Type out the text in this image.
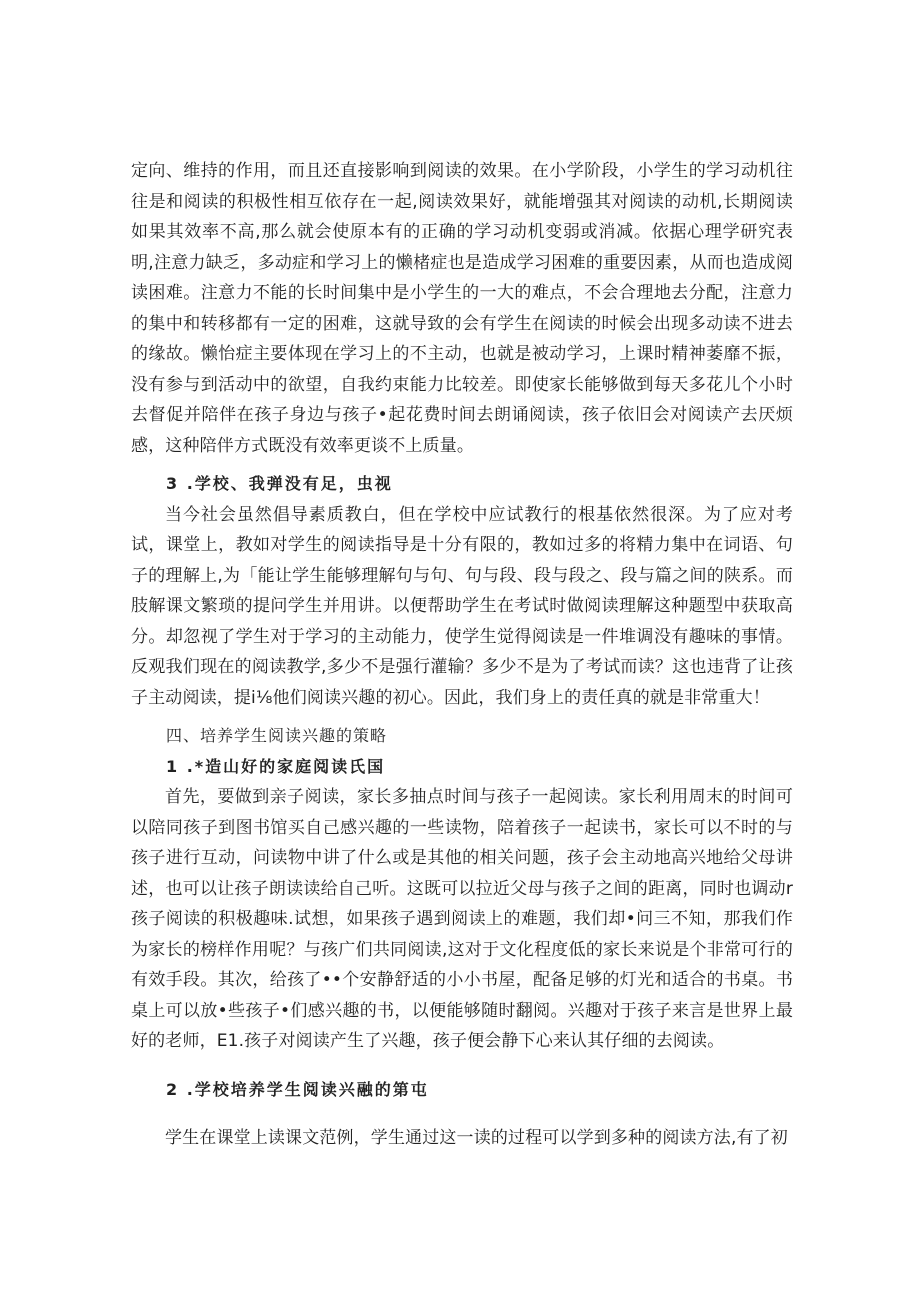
定向、维持的作用，而且还直接影响到阅读的效果。在小学阶段，小学生的学习动机往往是和阅读的积极性相互依存在一起,阅读效果好，就能增强其对阅读的动机,长期阅读如果其效率不高,那么就会使原本有的正确的学习动机变弱或消减。依据心理学研究表明,注意力缺乏，多动症和学习上的懒楮症也是造成学习困难的重要因素，从而也造成阅读困难。注意力不能的长时间集中是小学生的一大的难点，不会合理地去分配，注意力的集中和转移都有一定的困难，这就导致的会有学生在阅读的时候会出现多动读不进去的缘故。懒怡症主要体现在学习上的不主动，也就是被动学习，上课时精神萎靡不振，没有参与到活动中的欲望，自我约束能力比较差。即使家长能够做到每天多花儿个小时去督促并陪伴在孩子身边与孩子•起花费时间去朗诵阅读，孩子依旧会对阅读产去厌烦感，这种陪伴方式既没有效率更谈不上质量。

3 .学校、我弹没有足，虫视

当今社会虽然倡导素质教白，但在学校中应试教行的根基依然很深。为了应对考试，课堂上，教如对学生的阅读指导是十分有限的，教如过多的将精力集中在词语、句子的理解上,为「能让学生能够理解句与句、句与段、段与段之、段与篇之间的陕系。而肢解课文繁琐的提问学生并用讲。以便帮助学生在考试时做阅读理解这种题型中获取高分。却忽视了学生对于学习的主动能力，使学生觉得阅读是一件堆调没有趣味的事情。反观我们现在的阅读教学,多少不是强行灌输？多少不是为了考试而读？这也违背了让孩子主动阅读，提i⅛他们阅读兴趣的初心。因此，我们身上的责任真的就是非常重大！

四、培养学生阅读兴趣的策略

1 .*造山好的家庭阅读氏国

首先，要做到亲子阅读，家长多抽点时间与孩子一起阅读。家长利用周末的时间可以陪同孩子到图书馆买自己感兴趣的一些读物，陪着孩子一起读书，家长可以不时的与孩子进行互动，问读物中讲了什么或是其他的相关问题，孩子会主动地高兴地给父母讲述，也可以让孩子朗读读给自己听。这既可以拉近父母与孩子之间的距离，同时也调动r孩子阅读的积极趣味.试想，如果孩子遇到阅读上的难题，我们却•问三不知，那我们作为家长的榜样作用呢？与孩广们共同阅读,这对于文化程度低的家长来说是个非常可行的有效手段。其次，给孩了••个安静舒适的小小书屋，配备足够的灯光和适合的书桌。书桌上可以放•些孩子•们感兴趣的书，以便能够随时翻阅。兴趣对于孩子来言是世界上最好的老师，E1.孩子对阅读产生了兴趣，孩子便会静下心来认其仔细的去阅读。

2 .学校培养学生阅读兴融的第屯

学生在课堂上读课文范例，学生通过这一读的过程可以学到多种的阅读方法,有了初
